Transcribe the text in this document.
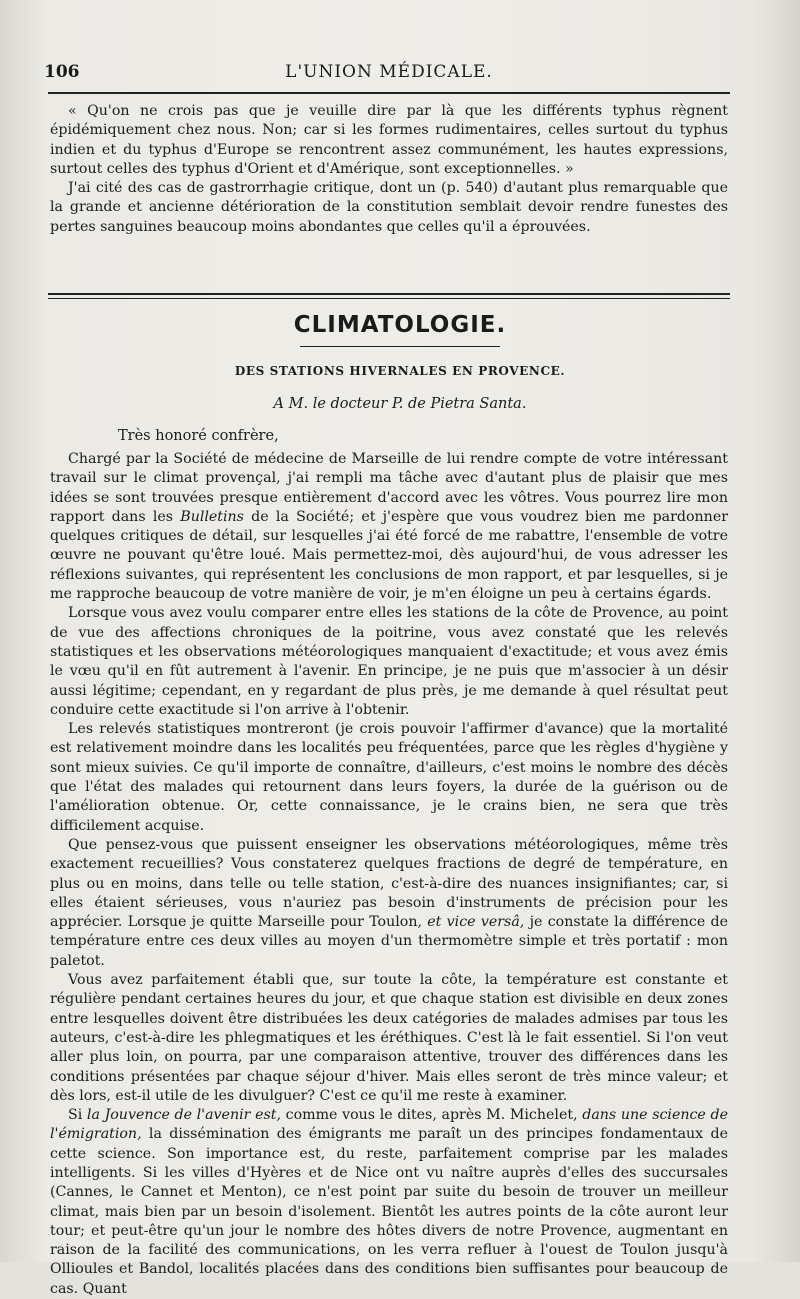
106	L'UNION MÉDICALE.

« Qu'on ne crois pas que je veuille dire par là que les différents typhus règnent épidémiquement chez nous. Non; car si les formes rudimentaires, celles surtout du typhus indien et du typhus d'Europe se rencontrent assez communément, les hautes expressions, surtout celles des typhus d'Orient et d'Amérique, sont exceptionnelles. »

J'ai cité des cas de gastrorrhagie critique, dont un (p. 540) d'autant plus remarquable que la grande et ancienne détérioration de la constitution semblait devoir rendre funestes des pertes sanguines beaucoup moins abondantes que celles qu'il a éprouvées.

CLIMATOLOGIE.
DES STATIONS HIVERNALES EN PROVENCE.
A M. le docteur P. de Pietra Santa.
Très honoré confrère,

Chargé par la Société de médecine de Marseille de lui rendre compte de votre intéressant travail sur le climat provençal, j'ai rempli ma tâche avec d'autant plus de plaisir que mes idées se sont trouvées presque entièrement d'accord avec les vôtres. Vous pourrez lire mon rapport dans les Bulletins de la Société; et j'espère que vous voudrez bien me pardonner quelques critiques de détail, sur lesquelles j'ai été forcé de me rabattre, l'ensemble de votre œuvre ne pouvant qu'être loué. Mais permettez-moi, dès aujourd'hui, de vous adresser les réflexions suivantes, qui représentent les conclusions de mon rapport, et par lesquelles, si je me rapproche beaucoup de votre manière de voir, je m'en éloigne un peu à certains égards.

Lorsque vous avez voulu comparer entre elles les stations de la côte de Provence, au point de vue des affections chroniques de la poitrine, vous avez constaté que les relevés statistiques et les observations météorologiques manquaient d'exactitude; et vous avez émis le vœu qu'il en fût autrement à l'avenir. En principe, je ne puis que m'associer à un désir aussi légitime; cependant, en y regardant de plus près, je me demande à quel résultat peut conduire cette exactitude si l'on arrive à l'obtenir.

Les relevés statistiques montreront (je crois pouvoir l'affirmer d'avance) que la mortalité est relativement moindre dans les localités peu fréquentées, parce que les règles d'hygiène y sont mieux suivies. Ce qu'il importe de connaître, d'ailleurs, c'est moins le nombre des décès que l'état des malades qui retournent dans leurs foyers, la durée de la guérison ou de l'amélioration obtenue. Or, cette connaissance, je le crains bien, ne sera que très difficilement acquise.

Que pensez-vous que puissent enseigner les observations météorologiques, même très exactement recueillies? Vous constaterez quelques fractions de degré de température, en plus ou en moins, dans telle ou telle station, c'est-à-dire des nuances insignifiantes; car, si elles étaient sérieuses, vous n'auriez pas besoin d'instruments de précision pour les apprécier. Lorsque je quitte Marseille pour Toulon, et vice versâ, je constate la différence de température entre ces deux villes au moyen d'un thermomètre simple et très portatif : mon paletot.

Vous avez parfaitement établi que, sur toute la côte, la température est constante et régulière pendant certaines heures du jour, et que chaque station est divisible en deux zones entre lesquelles doivent être distribuées les deux catégories de malades admises par tous les auteurs, c'est-à-dire les phlegmatiques et les éréthiques. C'est là le fait essentiel. Si l'on veut aller plus loin, on pourra, par une comparaison attentive, trouver des différences dans les conditions présentées par chaque séjour d'hiver. Mais elles seront de très mince valeur; et dès lors, est-il utile de les divulguer? C'est ce qu'il me reste à examiner.

Si la Jouvence de l'avenir est, comme vous le dites, après M. Michelet, dans une science de l'émigration, la dissémination des émigrants me paraît un des principes fondamentaux de cette science. Son importance est, du reste, parfaitement comprise par les malades intelligents. Si les villes d'Hyères et de Nice ont vu naître auprès d'elles des succursales (Cannes, le Cannet et Menton), ce n'est point par suite du besoin de trouver un meilleur climat, mais bien par un besoin d'isolement. Bientôt les autres points de la côte auront leur tour; et peut-être qu'un jour le nombre des hôtes divers de notre Provence, augmentant en raison de la facilité des communications, on les verra refluer à l'ouest de Toulon jusqu'à Ollioules et Bandol, localités placées dans des conditions bien suffisantes pour beaucoup de cas. Quant
